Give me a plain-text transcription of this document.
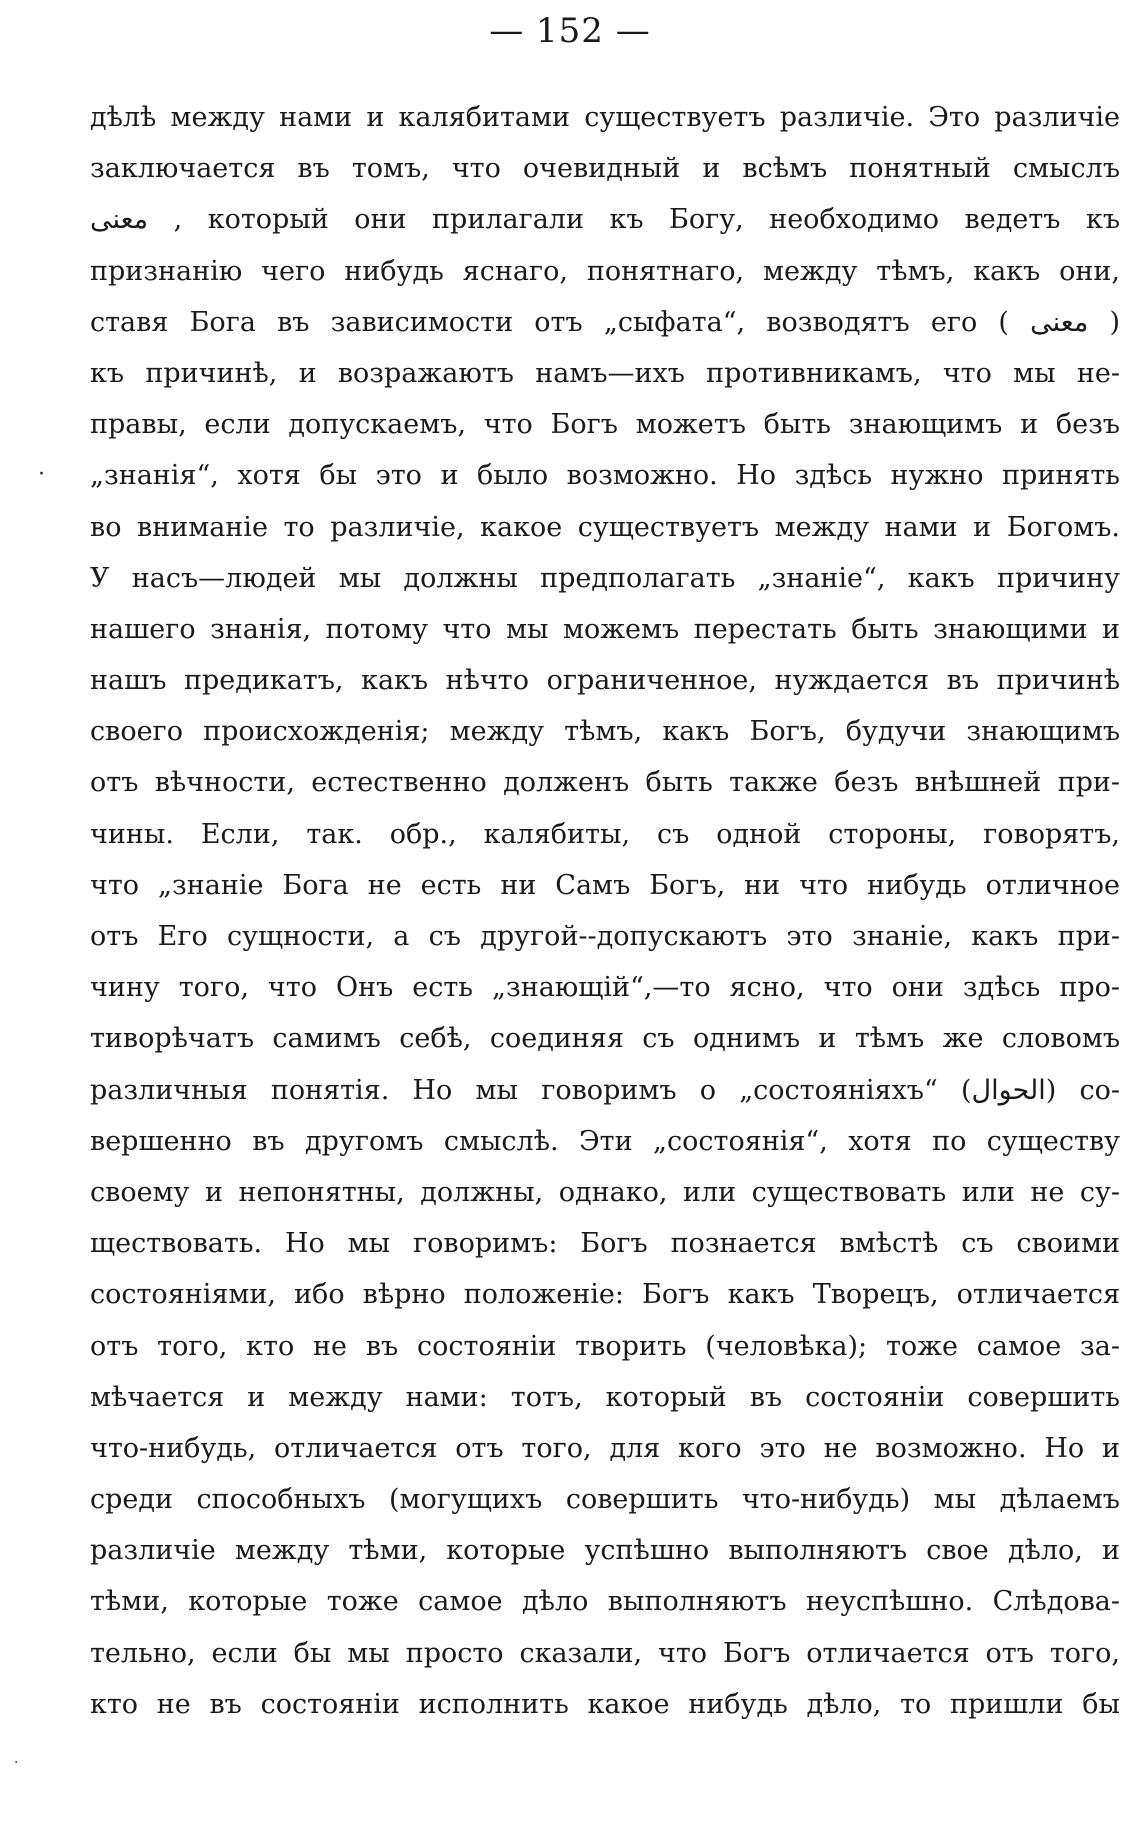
— 152 —
·
·
дѣлѣ между нами и калябитами существуетъ различіе. Это различіе
заключается въ томъ, что очевидный и всѣмъ понятный смыслъ
معنى , который они прилагали къ Богу, необходимо ведетъ къ
признанію чего нибудь яснаго, понятнаго, между тѣмъ, какъ они,
ставя Бога въ зависимости отъ „сыфата“, возводятъ его ( معنى )
къ причинѣ, и возражаютъ намъ—ихъ противникамъ, что мы не-
правы, если допускаемъ, что Богъ можетъ быть знающимъ и безъ
„знанія“, хотя бы это и было возможно. Но здѣсь нужно принять
во вниманіе то различіе, какое существуетъ между нами и Богомъ.
У насъ—людей мы должны предполагать „знаніе“, какъ причину
нашего знанія, потому что мы можемъ перестать быть знающими и
нашъ предикатъ, какъ нѣчто ограниченное, нуждается въ причинѣ
своего происхожденія; между тѣмъ, какъ Богъ, будучи знающимъ
отъ вѣчности, естественно долженъ быть также безъ внѣшней при-
чины. Если, так. обр., калябиты, съ одной стороны, говорятъ,
что „знаніе Бога не есть ни Самъ Богъ, ни что нибудь отличное
отъ Его сущности, а съ другой--допускаютъ это знаніе, какъ при-
чину того, что Онъ есть „знающій“,—то ясно, что они здѣсь про-
тиворѣчатъ самимъ себѣ, соединяя съ однимъ и тѣмъ же словомъ
различныя понятія. Но мы говоримъ о „состояніяхъ“ (الحوال) со-
вершенно въ другомъ смыслѣ. Эти „состоянія“, хотя по существу
своему и непонятны, должны, однако, или существовать или не су-
ществовать. Но мы говоримъ: Богъ познается вмѣстѣ съ своими
состояніями, ибо вѣрно положеніе: Богъ какъ Творецъ, отличается
отъ того, кто не въ состояніи творить (человѣка); тоже самое за-
мѣчается и между нами: тотъ, который въ состояніи совершить
что-нибудь, отличается отъ того, для кого это не возможно. Но и
среди способныхъ (могущихъ совершить что-нибудь) мы дѣлаемъ
различіе между тѣми, которые успѣшно выполняютъ свое дѣло, и
тѣми, которые тоже самое дѣло выполняютъ неуспѣшно. Слѣдова-
тельно, если бы мы просто сказали, что Богъ отличается отъ того,
кто не въ состояніи исполнить какое нибудь дѣло, то пришли бы
